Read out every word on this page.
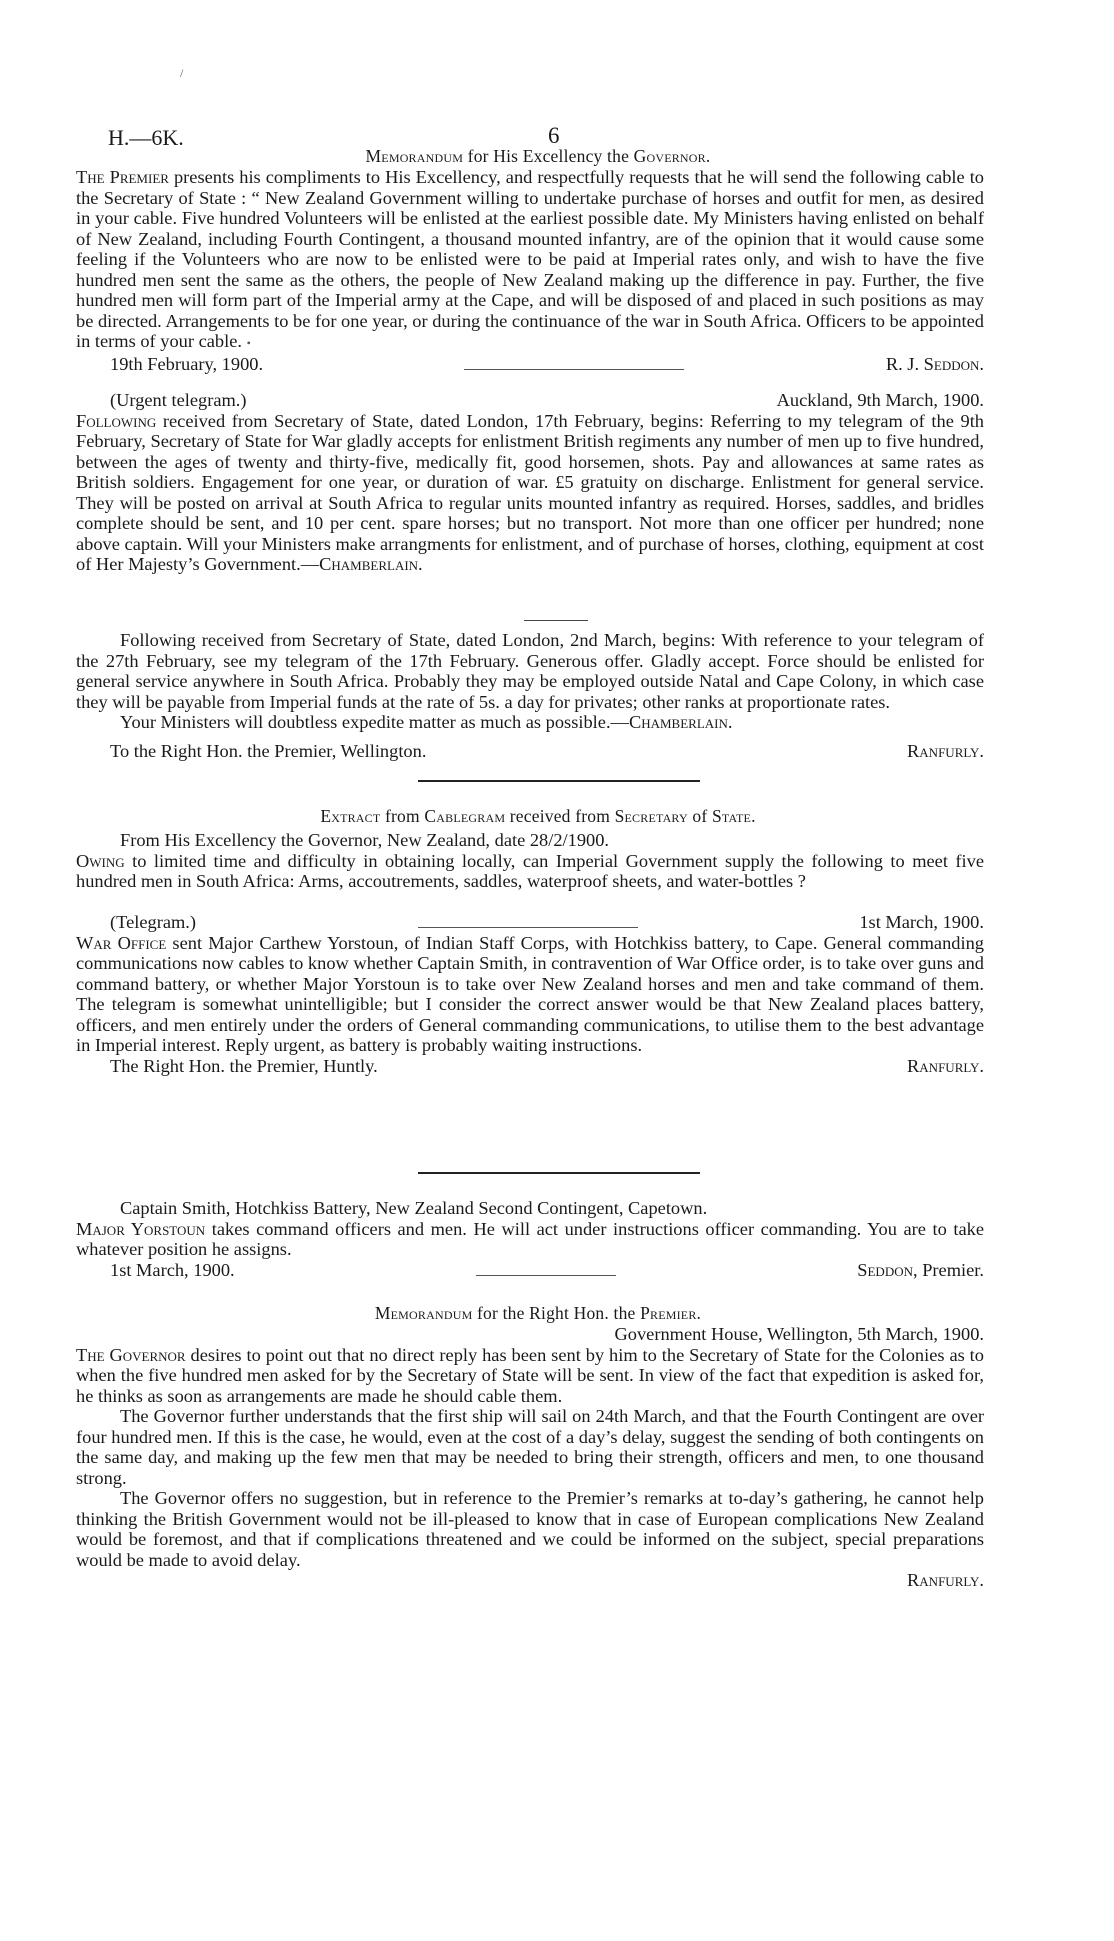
/
H.—6K.	6
Memorandum for His Excellency the Governor.

The Premier presents his compliments to His Excellency, and respectfully requests that he will send the following cable to the Secretary of State : “ New Zealand Government willing to undertake purchase of horses and outfit for men, as desired in your cable. Five hundred Volunteers will be enlisted at the earliest possible date. My Ministers having enlisted on behalf of New Zealand, including Fourth Contingent, a thousand mounted infantry, are of the opinion that it would cause some feeling if the Volunteers who are now to be enlisted were to be paid at Imperial rates only, and wish to have the five hundred men sent the same as the others, the people of New Zealand making up the difference in pay. Further, the five hundred men will form part of the Imperial army at the Cape, and will be disposed of and placed in such positions as may be directed. Arrangements to be for one year, or during the continuance of the war in South Africa. Officers to be appointed in terms of your cable. •

19th February, 1900.	R. J. Seddon.
(Urgent telegram.)	Auckland, 9th March, 1900.

Following received from Secretary of State, dated London, 17th February, begins: Referring to my telegram of the 9th February, Secretary of State for War gladly accepts for enlistment British regiments any number of men up to five hundred, between the ages of twenty and thirty-five, medically fit, good horsemen, shots. Pay and allowances at same rates as British soldiers. Engagement for one year, or duration of war. £5 gratuity on discharge. Enlistment for general service. They will be posted on arrival at South Africa to regular units mounted infantry as required. Horses, saddles, and bridles complete should be sent, and 10 per cent. spare horses; but no transport. Not more than one officer per hundred; none above captain. Will your Ministers make arrangments for enlistment, and of purchase of horses, clothing, equipment at cost of Her Majesty’s Government.—Chamberlain.

Following received from Secretary of State, dated London, 2nd March, begins: With reference to your telegram of the 27th February, see my telegram of the 17th February. Generous offer. Gladly accept. Force should be enlisted for general service anywhere in South Africa. Probably they may be employed outside Natal and Cape Colony, in which case they will be payable from Imperial funds at the rate of 5s. a day for privates; other ranks at proportionate rates.

Your Ministers will doubtless expedite matter as much as possible.—Chamberlain.

To the Right Hon. the Premier, Wellington.	Ranfurly.
Extract from Cablegram received from Secretary of State.

From His Excellency the Governor, New Zealand, date 28/2/1900.

Owing to limited time and difficulty in obtaining locally, can Imperial Government supply the following to meet five hundred men in South Africa: Arms, accoutrements, saddles, waterproof sheets, and water-bottles ?

(Telegram.)	1st March, 1900.

War Office sent Major Carthew Yorstoun, of Indian Staff Corps, with Hotchkiss battery, to Cape. General commanding communications now cables to know whether Captain Smith, in contravention of War Office order, is to take over guns and command battery, or whether Major Yorstoun is to take over New Zealand horses and men and take command of them. The telegram is somewhat unintelligible; but I consider the correct answer would be that New Zealand places battery, officers, and men entirely under the orders of General commanding communications, to utilise them to the best advantage in Imperial interest. Reply urgent, as battery is probably waiting instructions.

The Right Hon. the Premier, Huntly.	Ranfurly.

Captain Smith, Hotchkiss Battery, New Zealand Second Contingent, Capetown.

Major Yorstoun takes command officers and men. He will act under instructions officer commanding. You are to take whatever position he assigns.

1st March, 1900.	Seddon, Premier.
Memorandum for the Right Hon. the Premier.
Government House, Wellington, 5th March, 1900.

The Governor desires to point out that no direct reply has been sent by him to the Secretary of State for the Colonies as to when the five hundred men asked for by the Secretary of State will be sent. In view of the fact that expedition is asked for, he thinks as soon as arrangements are made he should cable them.

The Governor further understands that the first ship will sail on 24th March, and that the Fourth Contingent are over four hundred men. If this is the case, he would, even at the cost of a day’s delay, suggest the sending of both contingents on the same day, and making up the few men that may be needed to bring their strength, officers and men, to one thousand strong.

The Governor offers no suggestion, but in reference to the Premier’s remarks at to-day’s gathering, he cannot help thinking the British Government would not be ill-pleased to know that in case of European complications New Zealand would be foremost, and that if complications threatened and we could be informed on the subject, special preparations would be made to avoid delay.

Ranfurly.
